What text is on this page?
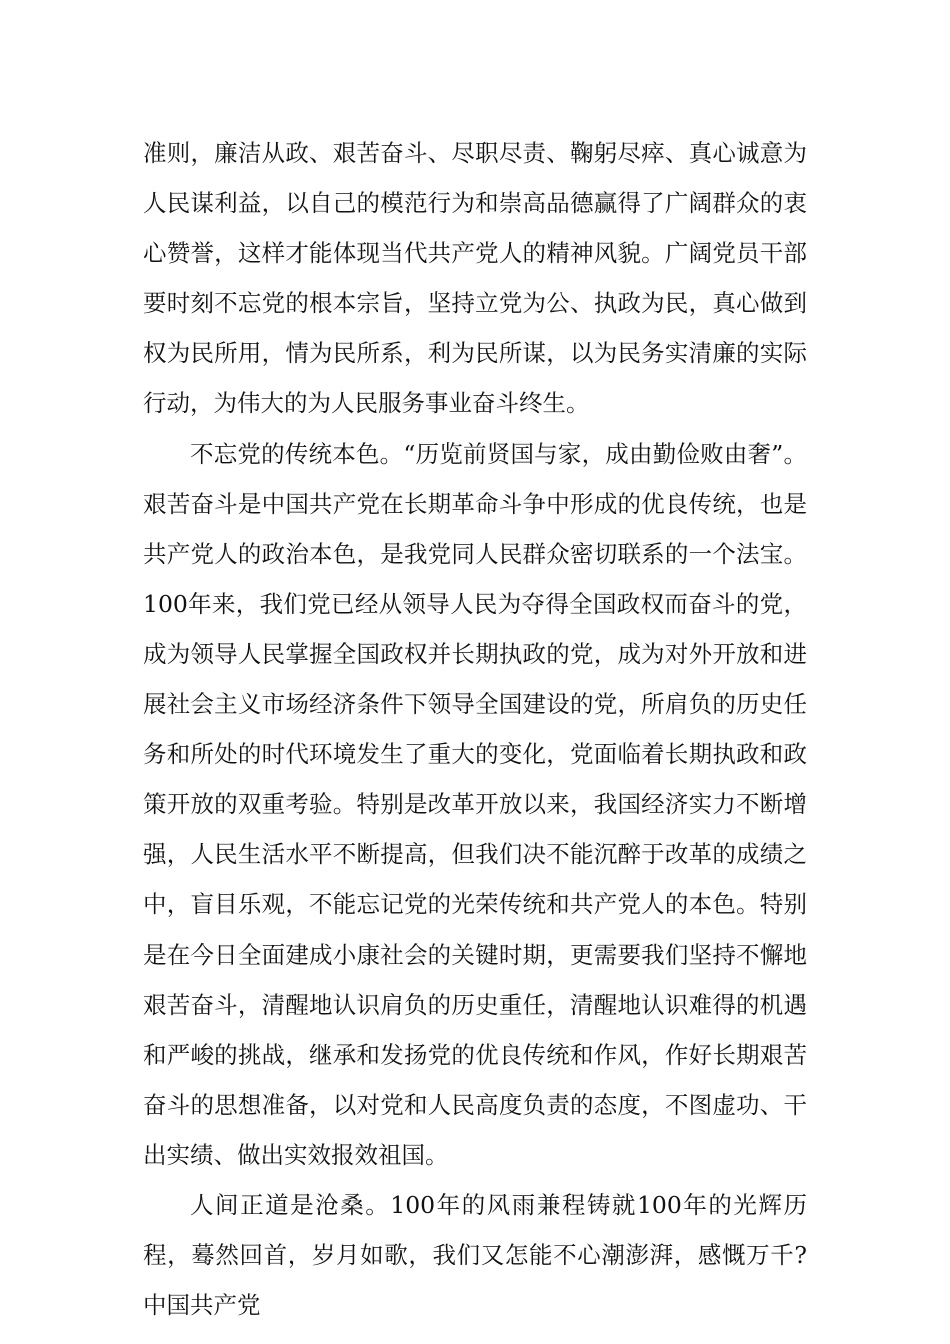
准则，廉洁从政、艰苦奋斗、尽职尽责、鞠躬尽瘁、真心诚意为人民谋利益，以自己的模范行为和崇高品德赢得了广阔群众的衷心赞誉，这样才能体现当代共产党人的精神风貌。广阔党员干部要时刻不忘党的根本宗旨，坚持立党为公、执政为民，真心做到权为民所用，情为民所系，利为民所谋，以为民务实清廉的实际行动，为伟大的为人民服务事业奋斗终生。

不忘党的传统本色。“历览前贤国与家，成由勤俭败由奢”。艰苦奋斗是中国共产党在长期革命斗争中形成的优良传统，也是共产党人的政治本色，是我党同人民群众密切联系的一个法宝。100年来，我们党已经从领导人民为夺得全国政权而奋斗的党，成为领导人民掌握全国政权并长期执政的党，成为对外开放和进展社会主义市场经济条件下领导全国建设的党，所肩负的历史任务和所处的时代环境发生了重大的变化，党面临着长期执政和政策开放的双重考验。特别是改革开放以来，我国经济实力不断增强，人民生活水平不断提高，但我们决不能沉醉于改革的成绩之中，盲目乐观，不能忘记党的光荣传统和共产党人的本色。特别是在今日全面建成小康社会的关键时期，更需要我们坚持不懈地艰苦奋斗，清醒地认识肩负的历史重任，清醒地认识难得的机遇和严峻的挑战，继承和发扬党的优良传统和作风，作好长期艰苦奋斗的思想准备，以对党和人民高度负责的态度，不图虚功、干出实绩、做出实效报效祖国。

人间正道是沧桑。100年的风雨兼程铸就100年的光辉历程，蓦然回首，岁月如歌，我们又怎能不心潮澎湃，感慨万千?中国共产党
